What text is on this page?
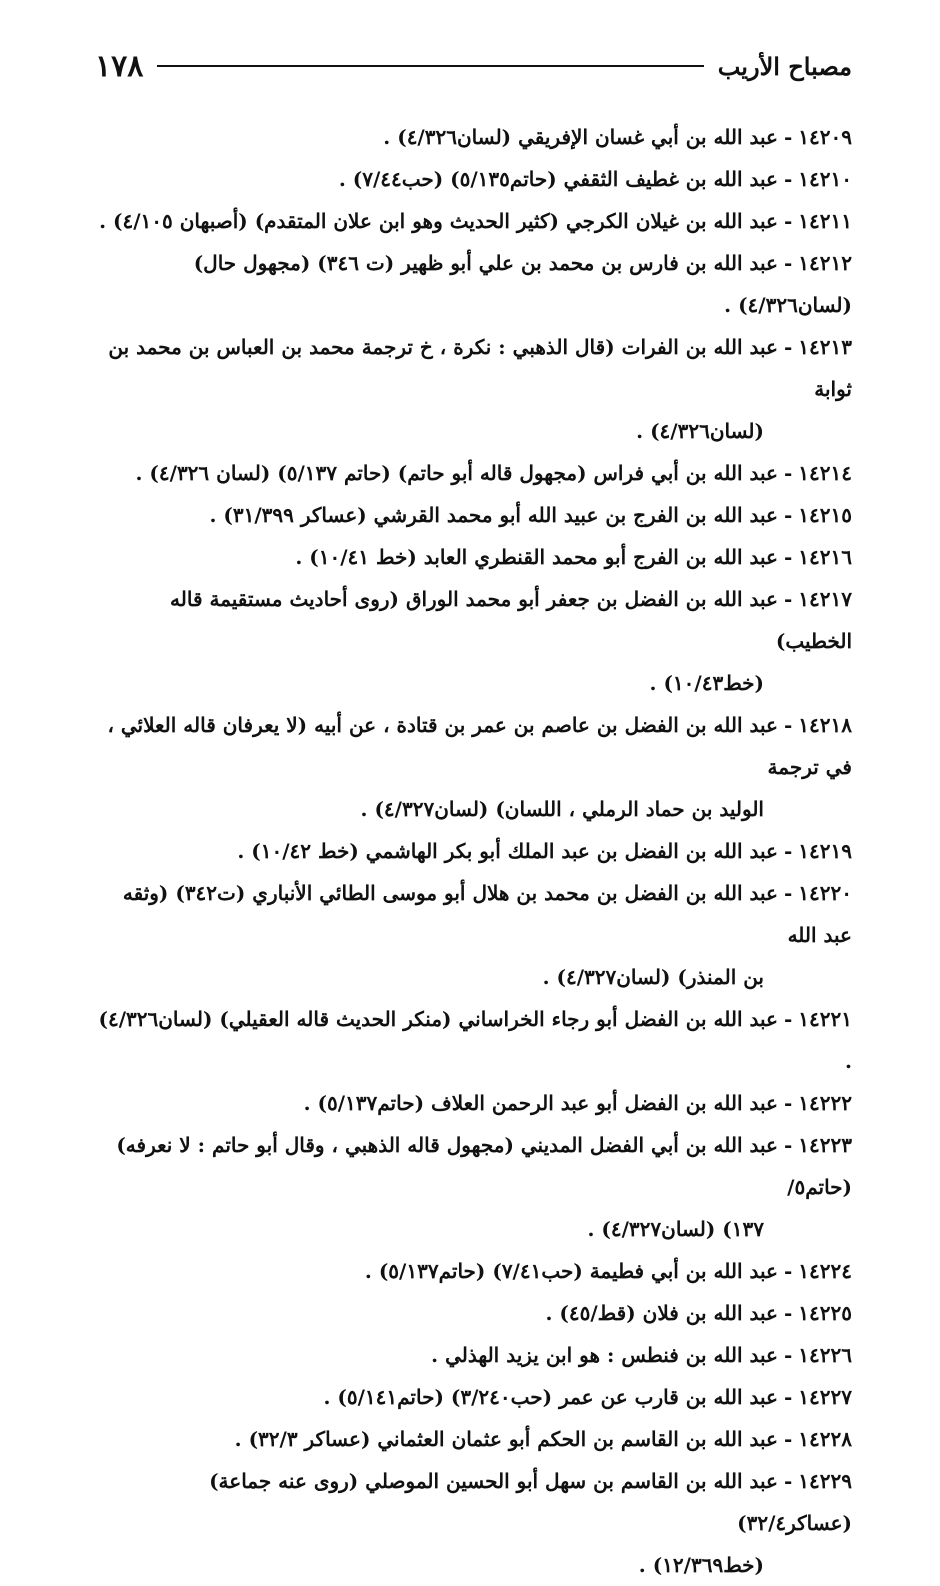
١٧٨	مصباح الأريب
١٤٢٠٩-عبد الله بن أبي غسان الإفريقي (لسان٤/٣٢٦) .
١٤٢١٠-عبد الله بن غطيف الثقفي (حاتم٥/١٣٥) (حب٧/٤٤) .
١٤٢١١-عبد الله بن غيلان الكرجي (كثير الحديث وهو ابن علان المتقدم) (أصبهان ٤/١٠٥) .
١٤٢١٢-عبد الله بن فارس بن محمد بن علي أبو ظهير (ت ٣٤٦) (مجهول حال) (لسان٤/٣٢٦) .
١٤٢١٣-عبد الله بن الفرات (قال الذهبي : نكرة ، خ ترجمة محمد بن العباس بن محمد بن ثوابة
(لسان٤/٣٢٦) .
١٤٢١٤-عبد الله بن أبي فراس (مجهول قاله أبو حاتم) (حاتم ٥/١٣٧) (لسان ٤/٣٢٦) .
١٤٢١٥-عبد الله بن الفرج بن عبيد الله أبو محمد القرشي (عساكر ٣١/٣٩٩) .
١٤٢١٦-عبد الله بن الفرج أبو محمد القنطري العابد (خط ١٠/٤١) .
١٤٢١٧-عبد الله بن الفضل بن جعفر أبو محمد الوراق (روى أحاديث مستقيمة قاله الخطيب)
(خط١٠/٤٣) .
١٤٢١٨-عبد الله بن الفضل بن عاصم بن عمر بن قتادة ، عن أبيه (لا يعرفان قاله العلائي ، في ترجمة
الوليد بن حماد الرملي ، اللسان) (لسان٤/٣٢٧) .
١٤٢١٩-عبد الله بن الفضل بن عبد الملك أبو بكر الهاشمي (خط ١٠/٤٢) .
١٤٢٢٠-عبد الله بن الفضل بن محمد بن هلال أبو موسى الطائي الأنباري (ت٣٤٢) (وثقه عبد الله
بن المنذر) (لسان٤/٣٢٧) .
١٤٢٢١-عبد الله بن الفضل أبو رجاء الخراساني (منكر الحديث قاله العقيلي) (لسان٤/٣٢٦) .
١٤٢٢٢-عبد الله بن الفضل أبو عبد الرحمن العلاف (حاتم٥/١٣٧) .
١٤٢٢٣-عبد الله بن أبي الفضل المديني (مجهول قاله الذهبي ، وقال أبو حاتم : لا نعرفه) (حاتم٥/
١٣٧) (لسان٤/٣٢٧) .
١٤٢٢٤-عبد الله بن أبي فطيمة (حب٧/٤١) (حاتم٥/١٣٧) .
١٤٢٢٥-عبد الله بن فلان (قط/٤٥) .
١٤٢٢٦-عبد الله بن فنطس : هو ابن يزيد الهذلي .
١٤٢٢٧-عبد الله بن قارب عن عمر (حب٣/٢٤٠) (حاتم٥/١٤١) .
١٤٢٢٨-عبد الله بن القاسم بن الحكم أبو عثمان العثماني (عساكر ٣٢/٣) .
١٤٢٢٩-عبد الله بن القاسم بن سهل أبو الحسين الموصلي (روى عنه جماعة) (عساكر٣٢/٤)
(خط١٢/٣٦٩) .
